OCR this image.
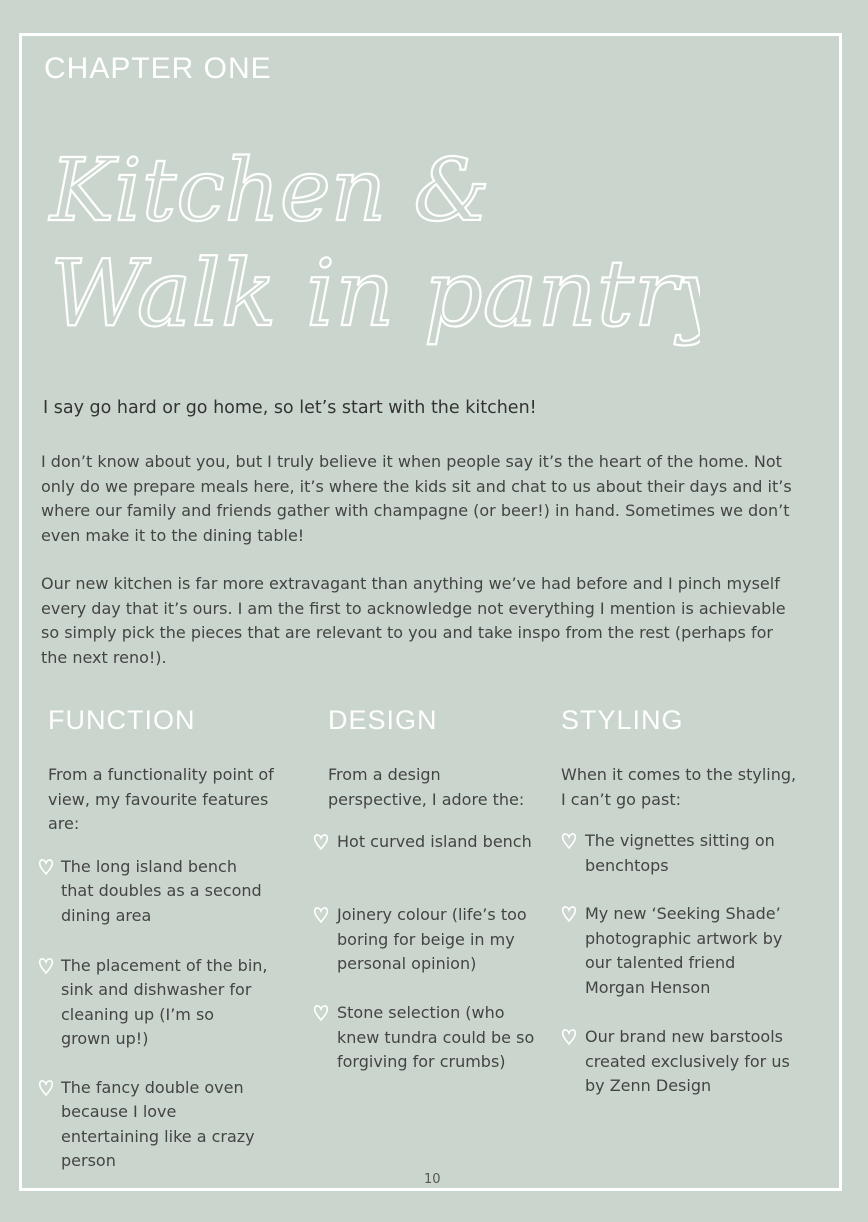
CHAPTER ONE
Kitchen &
Walk in pantry
I say go hard or go home, so let’s start with the kitchen!

I don’t know about you, but I truly believe it when people say it’s the heart of the home. Not only do we prepare meals here, it’s where the kids sit and chat to us about their days and it’s where our family and friends gather with champagne (or beer!) in hand. Sometimes we don’t even make it to the dining table!

Our new kitchen is far more extravagant than anything we’ve had before and I pinch myself every day that it’s ours. I am the first to acknowledge not everything I mention is achievable so simply pick the pieces that are relevant to you and take inspo from the rest (perhaps for the next reno!).

FUNCTION

From a functionality point of view, my favourite features are:

The long island bench that doubles as a second dining area
The placement of the bin, sink and dishwasher for cleaning up (I’m so grown up!)
The fancy double oven because I love entertaining like a crazy person
DESIGN

From a design perspective, I adore the:

Hot curved island bench
Joinery colour (life’s too boring for beige in my personal opinion)
Stone selection (who knew tundra could be so forgiving for crumbs)
STYLING

When it comes to the styling, I can’t go past:

The vignettes sitting on benchtops
My new ‘Seeking Shade’ photographic artwork by our talented friend Morgan Henson
Our brand new barstools created exclusively for us by Zenn Design
10
